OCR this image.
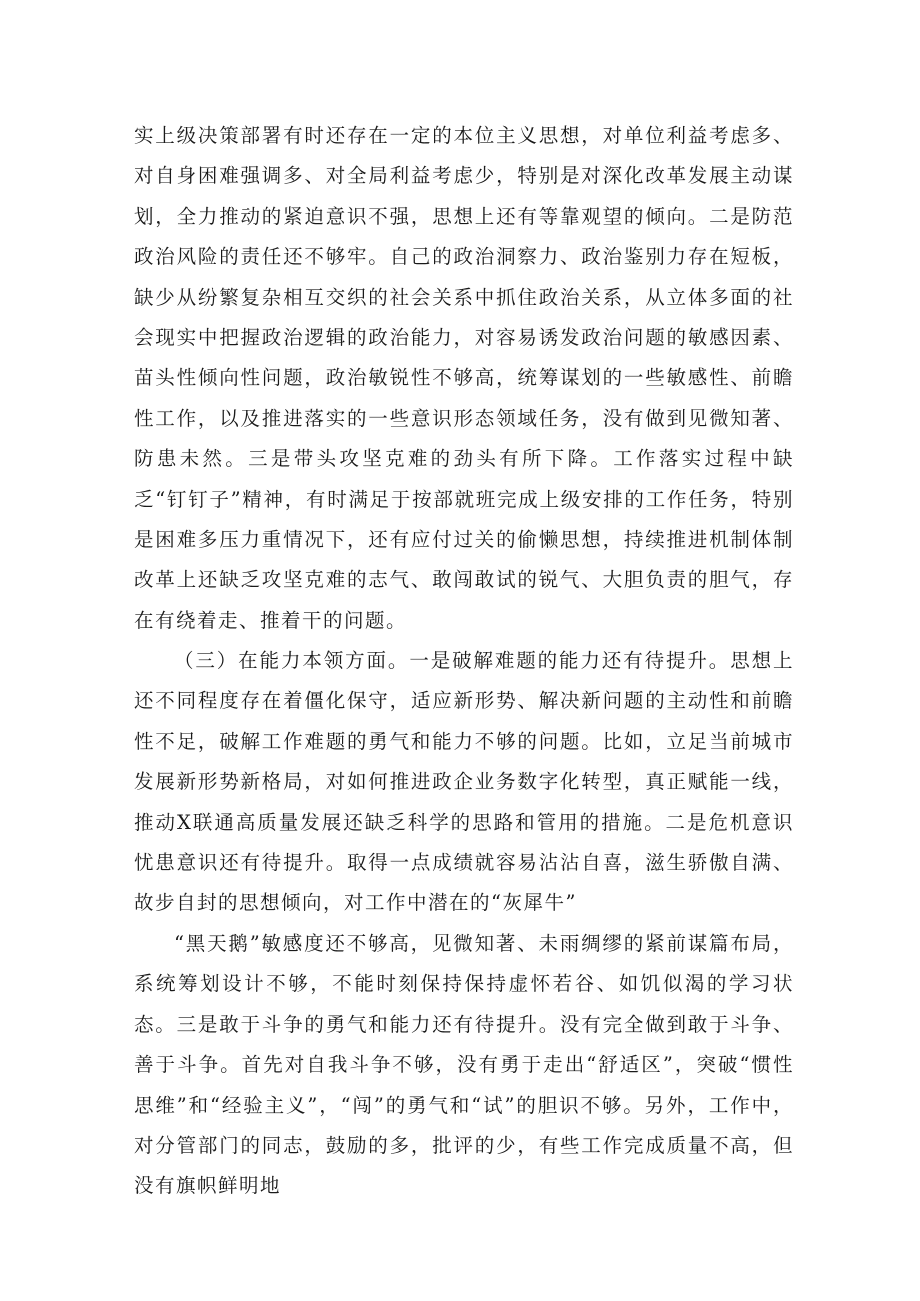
实上级决策部署有时还存在一定的本位主义思想，对单位利益考虑多、对自身困难强调多、对全局利益考虑少，特别是对深化改革发展主动谋划，全力推动的紧迫意识不强，思想上还有等靠观望的倾向。二是防范政治风险的责任还不够牢。自己的政治洞察力、政治鉴别力存在短板，缺少从纷繁复杂相互交织的社会关系中抓住政治关系，从立体多面的社会现实中把握政治逻辑的政治能力，对容易诱发政治问题的敏感因素、苗头性倾向性问题，政治敏锐性不够高，统筹谋划的一些敏感性、前瞻性工作，以及推进落实的一些意识形态领域任务，没有做到见微知著、防患未然。三是带头攻坚克难的劲头有所下降。工作落实过程中缺乏“钉钉子”精神，有时满足于按部就班完成上级安排的工作任务，特别是困难多压力重情况下，还有应付过关的偷懒思想，持续推进机制体制改革上还缺乏攻坚克难的志气、敢闯敢试的锐气、大胆负责的胆气，存在有绕着走、推着干的问题。

（三）在能力本领方面。一是破解难题的能力还有待提升。思想上还不同程度存在着僵化保守，适应新形势、解决新问题的主动性和前瞻性不足，破解工作难题的勇气和能力不够的问题。比如，立足当前城市发展新形势新格局，对如何推进政企业务数字化转型，真正赋能一线，推动X联通高质量发展还缺乏科学的思路和管用的措施。二是危机意识忧患意识还有待提升。取得一点成绩就容易沾沾自喜，滋生骄傲自满、故步自封的思想倾向，对工作中潜在的“灰犀牛”

“黑天鹅”敏感度还不够高，见微知著、未雨绸缪的紧前谋篇布局，系统筹划设计不够，不能时刻保持保持虚怀若谷、如饥似渴的学习状态。三是敢于斗争的勇气和能力还有待提升。没有完全做到敢于斗争、善于斗争。首先对自我斗争不够，没有勇于走出“舒适区”，突破“惯性思维”和“经验主义”，“闯”的勇气和“试”的胆识不够。另外，工作中，对分管部门的同志，鼓励的多，批评的少，有些工作完成质量不高，但没有旗帜鲜明地
